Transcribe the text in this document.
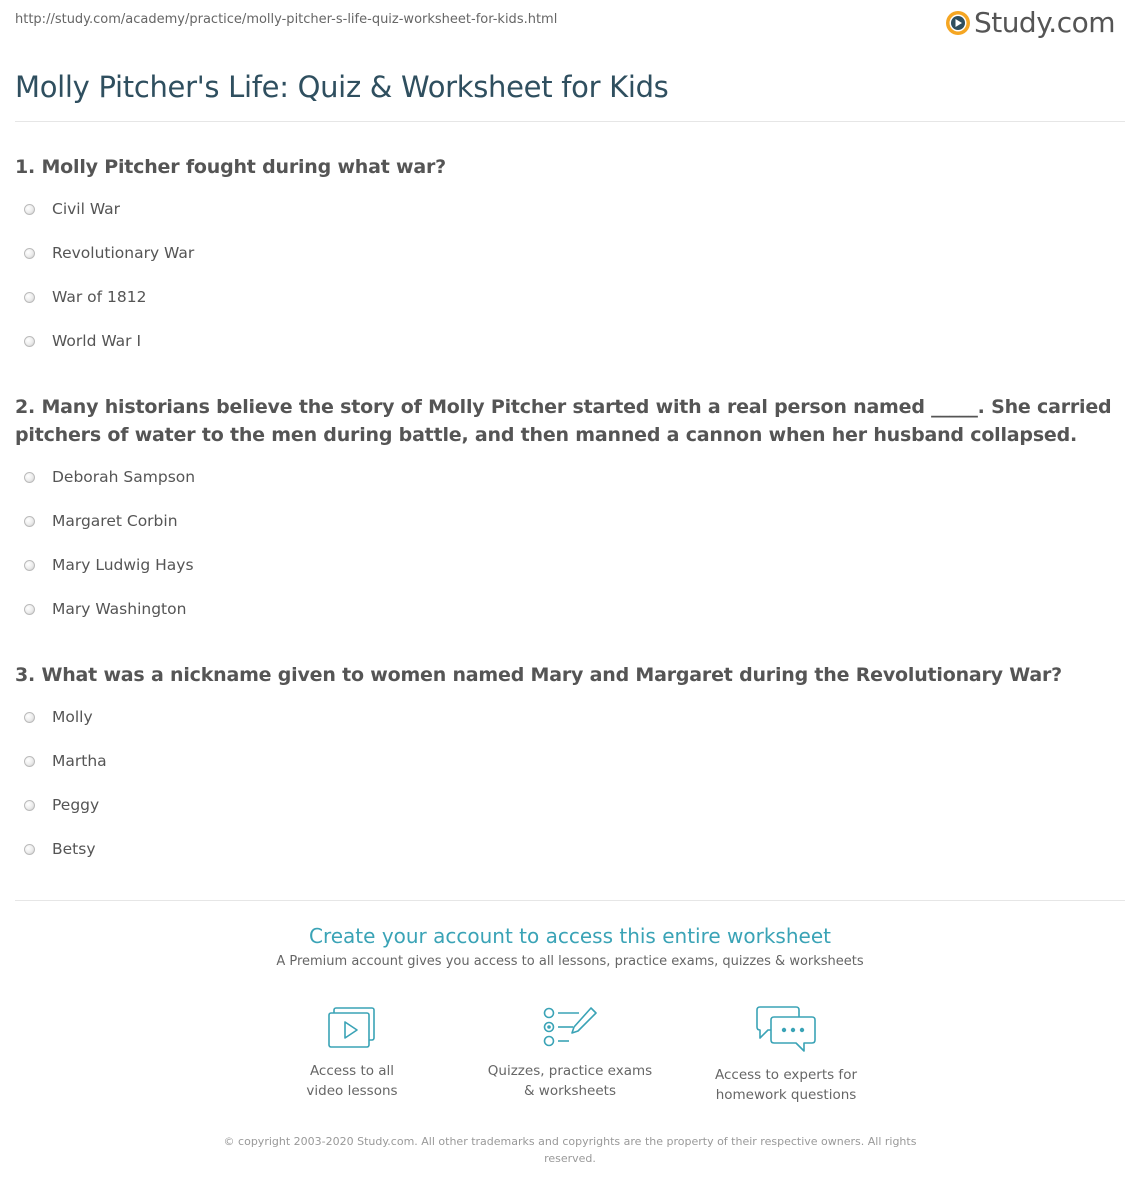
http://study.com/academy/practice/molly-pitcher-s-life-quiz-worksheet-for-kids.html	Study.com
Molly Pitcher's Life: Quiz & Worksheet for Kids

1. Molly Pitcher fought during what war?

Civil War
Revolutionary War
War of 1812
World War I

2. Many historians believe the story of Molly Pitcher started with a real person named _____. She carried pitchers of water to the men during battle, and then manned a cannon when her husband collapsed.

Deborah Sampson
Margaret Corbin
Mary Ludwig Hays
Mary Washington

3. What was a nickname given to women named Mary and Margaret during the Revolutionary War?

Molly
Martha
Peggy
Betsy
Create your account to access this entire worksheet
A Premium account gives you access to all lessons, practice exams, quizzes & worksheets
Access to all
video lessons
Quizzes, practice exams
& worksheets
Access to experts for
homework questions
© copyright 2003-2020 Study.com. All other trademarks and copyrights are the property of their respective owners. All rights reserved.
